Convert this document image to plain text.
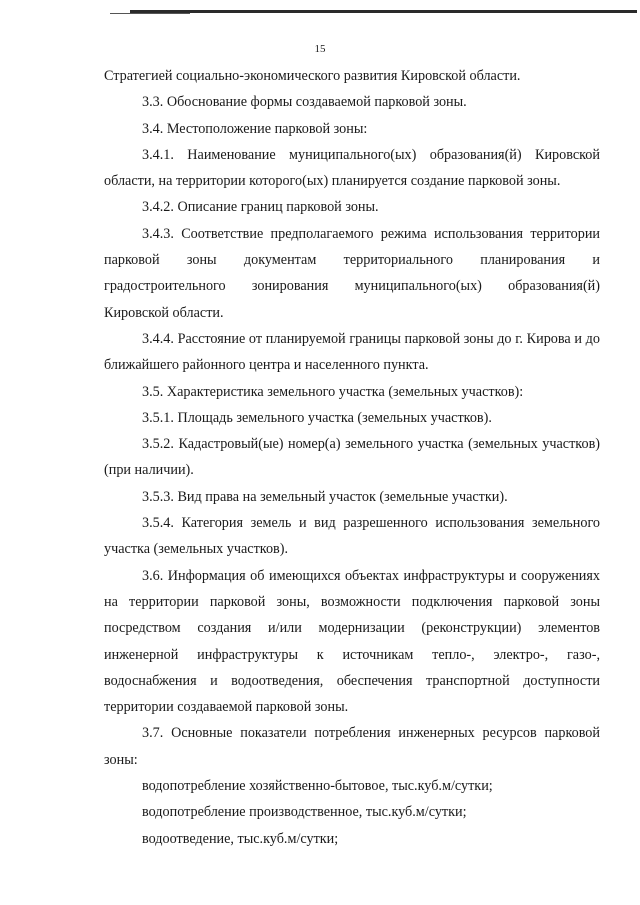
15

Стратегией социально-экономического развития Кировской области.

3.3. Обоснование формы создаваемой парковой зоны.

3.4. Местоположение парковой зоны:

3.4.1. Наименование муниципального(ых) образования(й) Кировской области, на территории которого(ых) планируется создание парковой зоны.

3.4.2. Описание границ парковой зоны.

3.4.3. Соответствие предполагаемого режима использования территории парковой зоны документам территориального планирования и градостроительного зонирования муниципального(ых) образования(й) Кировской области.

3.4.4. Расстояние от планируемой границы парковой зоны до г. Кирова и до ближайшего районного центра и населенного пункта.

3.5. Характеристика земельного участка (земельных участков):

3.5.1. Площадь земельного участка (земельных участков).

3.5.2. Кадастровый(ые) номер(а) земельного участка (земельных участков) (при наличии).

3.5.3. Вид права на земельный участок (земельные участки).

3.5.4. Категория земель и вид разрешенного использования земельного участка (земельных участков).

3.6. Информация об имеющихся объектах инфраструктуры и сооружениях на территории парковой зоны, возможности подключения парковой зоны посредством создания и/или модернизации (реконструкции) элементов инженерной инфраструктуры к источникам тепло-, электро-, газо-, водоснабжения и водоотведения, обеспечения транспортной доступности территории создаваемой парковой зоны.

3.7. Основные показатели потребления инженерных ресурсов парковой зоны:

водопотребление хозяйственно-бытовое, тыс.куб.м/сутки;

водопотребление производственное, тыс.куб.м/сутки;

водоотведение, тыс.куб.м/сутки;
